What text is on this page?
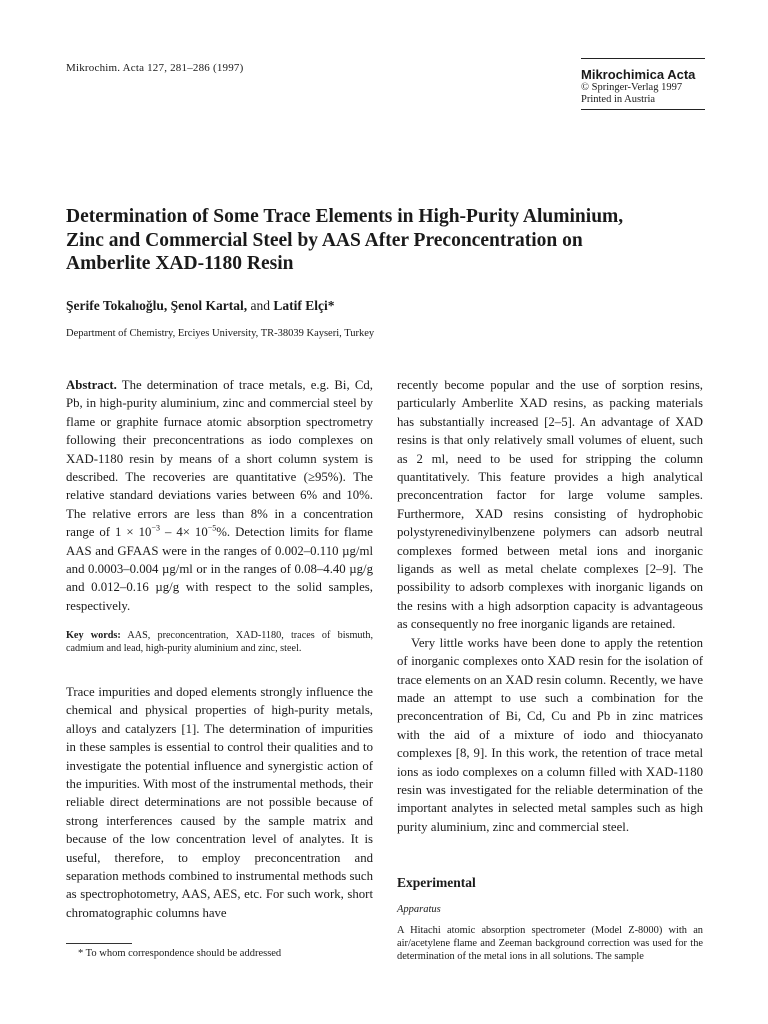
Mikrochim. Acta 127, 281–286 (1997)	Mikrochimica Acta
© Springer-Verlag 1997
Printed in Austria
Determination of Some Trace Elements in High-Purity Aluminium,
Zinc and Commercial Steel by AAS After Preconcentration on
Amberlite XAD-1180 Resin
Şerife Tokalıoğlu, Şenol Kartal, and Latif Elçi*
Department of Chemistry, Erciyes University, TR-38039 Kayseri, Turkey

Abstract. The determination of trace metals, e.g. Bi, Cd, Pb, in high-purity aluminium, zinc and commercial steel by flame or graphite furnace atomic absorption spectrometry following their preconcentrations as iodo complexes on XAD-1180 resin by means of a short column system is described. The recoveries are quantitative (≥95%). The relative standard deviations varies between 6% and 10%. The relative errors are less than 8% in a concentration range of $1 \times 10^{-3} - 4\times 10^{-5}\%$. Detection limits for flame AAS and GFAAS were in the ranges of 0.002–0.110 µg/ml and 0.0003–0.004 µg/ml or in the ranges of 0.08–4.40 µg/g and 0.012–0.16 µg/g with respect to the solid samples, respectively.

Key words: AAS, preconcentration, XAD-1180, traces of bismuth, cadmium and lead, high-purity aluminium and zinc, steel.

Trace impurities and doped elements strongly influence the chemical and physical properties of high-purity metals, alloys and catalyzers [1]. The determination of impurities in these samples is essential to control their qualities and to investigate the potential influence and synergistic action of the impurities. With most of the instrumental methods, their reliable direct determinations are not possible because of strong interferences caused by the sample matrix and because of the low concentration level of analytes. It is useful, therefore, to employ preconcentration and separation methods combined to instrumental methods such as spectrophotometry, AAS, AES, etc. For such work, short chromatographic columns have

recently become popular and the use of sorption resins, particularly Amberlite XAD resins, as packing materials has substantially increased [2–5]. An advantage of XAD resins is that only relatively small volumes of eluent, such as 2 ml, need to be used for stripping the column quantitatively. This feature provides a high analytical preconcentration factor for large volume samples. Furthermore, XAD resins consisting of hydrophobic polystyrenedivinylbenzene polymers can adsorb neutral complexes formed between metal ions and inorganic ligands as well as metal chelate complexes [2–9]. The possibility to adsorb complexes with inorganic ligands on the resins with a high adsorption capacity is advantageous as consequently no free inorganic ligands are retained.

Very little works have been done to apply the retention of inorganic complexes onto XAD resin for the isolation of trace elements on an XAD resin column. Recently, we have made an attempt to use such a combination for the preconcentration of Bi, Cd, Cu and Pb in zinc matrices with the aid of a mixture of iodo and thiocyanato complexes [8, 9]. In this work, the retention of trace metal ions as iodo complexes on a column filled with XAD-1180 resin was investigated for the reliable determination of the important analytes in selected metal samples such as high purity aluminium, zinc and commercial steel.

Experimental
Apparatus

A Hitachi atomic absorption spectrometer (Model Z-8000) with an air/acetylene flame and Zeeman background correction was used for the determination of the metal ions in all solutions. The sample

* To whom correspondence should be addressed
